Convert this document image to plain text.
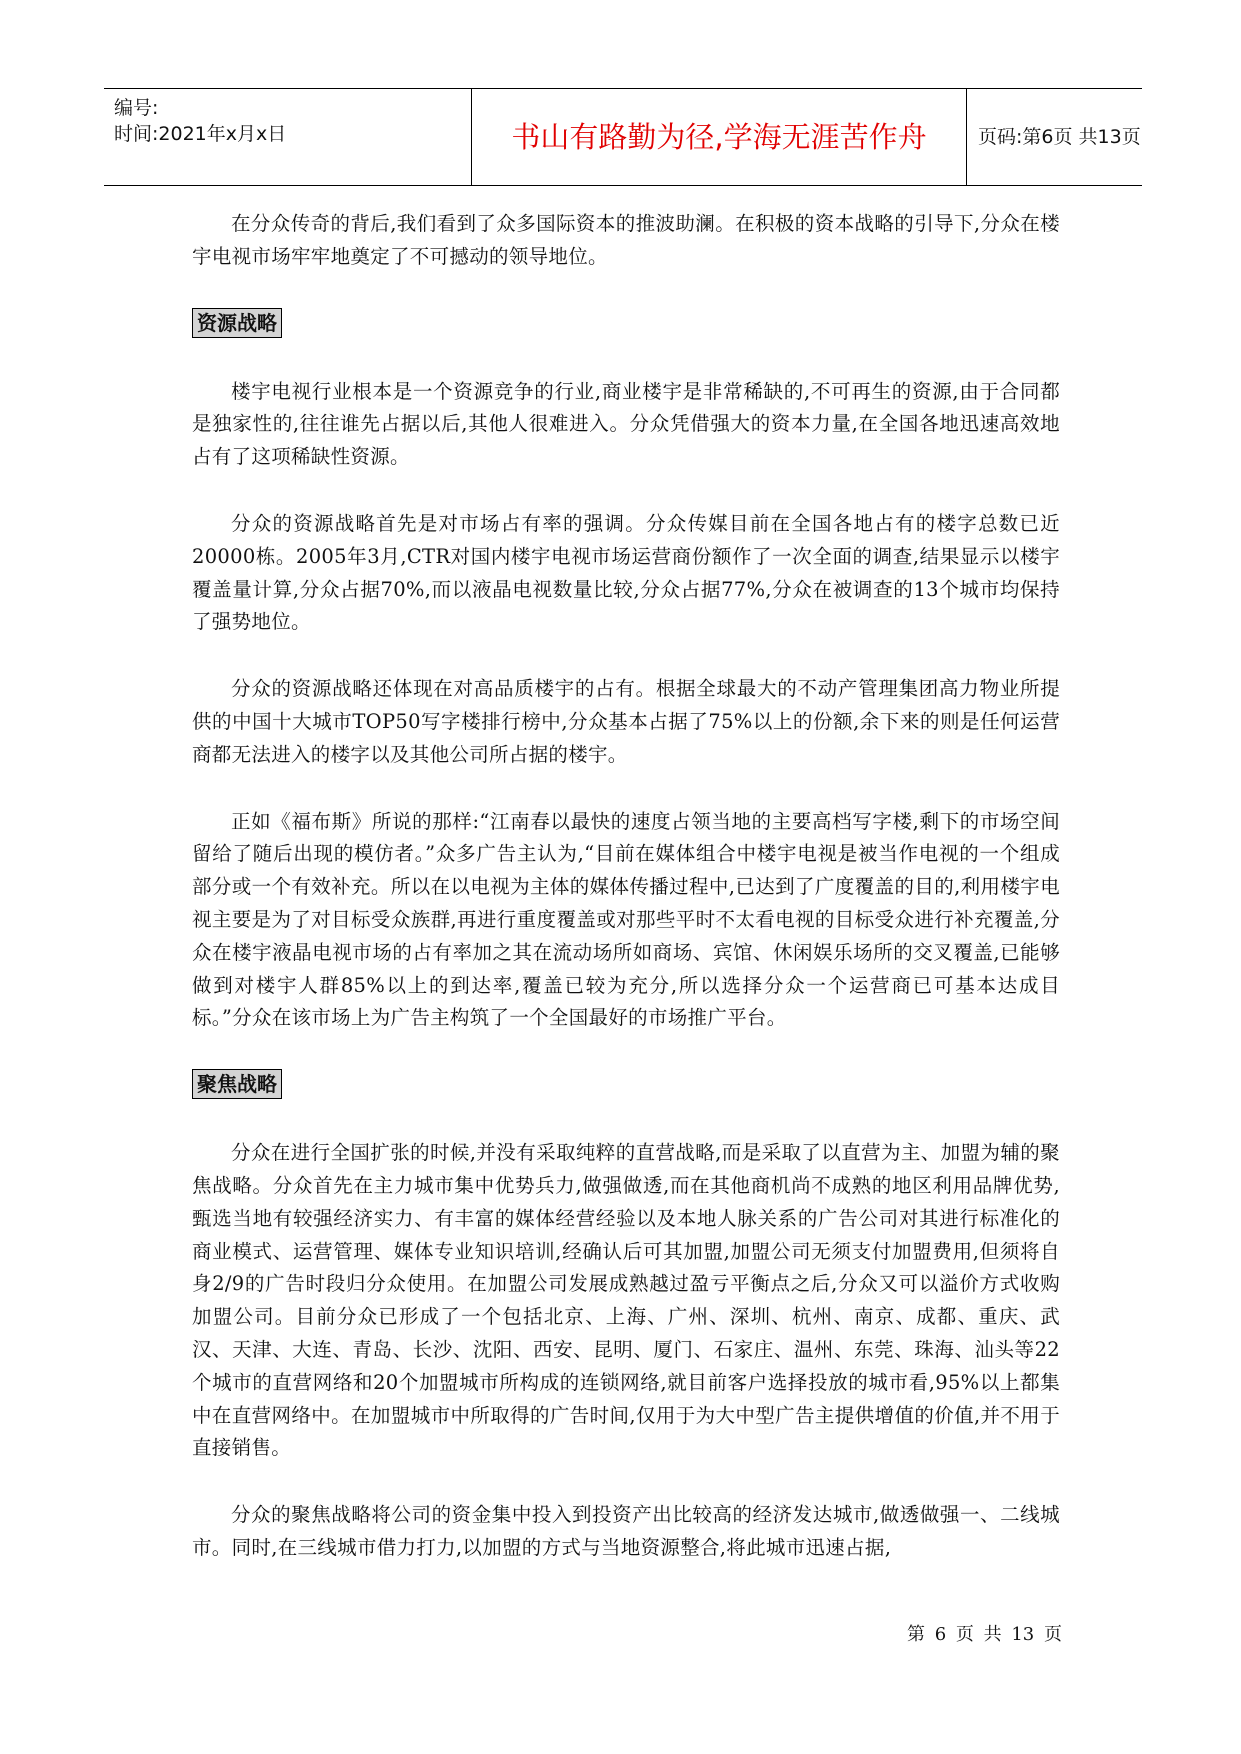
编号:
时间:2021年x月x日	书山有路勤为径,学海无涯苦作舟	页码:第6页 共13页

在分众传奇的背后,我们看到了众多国际资本的推波助澜。在积极的资本战略的引导下,分众在楼宇电视市场牢牢地奠定了不可撼动的领导地位。

资源战略

楼宇电视行业根本是一个资源竞争的行业,商业楼宇是非常稀缺的,不可再生的资源,由于合同都是独家性的,往往谁先占据以后,其他人很难进入。分众凭借强大的资本力量,在全国各地迅速高效地占有了这项稀缺性资源。

分众的资源战略首先是对市场占有率的强调。分众传媒目前在全国各地占有的楼字总数已近20000栋。2005年3月,CTR对国内楼宇电视市场运营商份额作了一次全面的调查,结果显示以楼宇覆盖量计算,分众占据70%,而以液晶电视数量比较,分众占据77%,分众在被调查的13个城市均保持了强势地位。

分众的资源战略还体现在对高品质楼宇的占有。根据全球最大的不动产管理集团高力物业所提供的中国十大城市TOP50写字楼排行榜中,分众基本占据了75%以上的份额,余下来的则是任何运营商都无法进入的楼字以及其他公司所占据的楼宇。

正如《福布斯》所说的那样:“江南春以最快的速度占领当地的主要高档写字楼,剩下的市场空间留给了随后出现的模仿者。”众多广告主认为,“目前在媒体组合中楼宇电视是被当作电视的一个组成部分或一个有效补充。所以在以电视为主体的媒体传播过程中,已达到了广度覆盖的目的,利用楼宇电视主要是为了对目标受众族群,再进行重度覆盖或对那些平时不太看电视的目标受众进行补充覆盖,分众在楼宇液晶电视市场的占有率加之其在流动场所如商场、宾馆、休闲娱乐场所的交叉覆盖,已能够做到对楼宇人群85%以上的到达率,覆盖已较为充分,所以选择分众一个运营商已可基本达成目标。”分众在该市场上为广告主构筑了一个全国最好的市场推广平台。

聚焦战略

分众在进行全国扩张的时候,并没有采取纯粹的直营战略,而是采取了以直营为主、加盟为辅的聚焦战略。分众首先在主力城市集中优势兵力,做强做透,而在其他商机尚不成熟的地区利用品牌优势,甄选当地有较强经济实力、有丰富的媒体经营经验以及本地人脉关系的广告公司对其进行标准化的商业模式、运营管理、媒体专业知识培训,经确认后可其加盟,加盟公司无须支付加盟费用,但须将自身2/9的广告时段归分众使用。在加盟公司发展成熟越过盈亏平衡点之后,分众又可以溢价方式收购加盟公司。目前分众已形成了一个包括北京、上海、广州、深圳、杭州、南京、成都、重庆、武汉、天津、大连、青岛、长沙、沈阳、西安、昆明、厦门、石家庄、温州、东莞、珠海、汕头等22个城市的直营网络和20个加盟城市所构成的连锁网络,就目前客户选择投放的城市看,95%以上都集中在直营网络中。在加盟城市中所取得的广告时间,仅用于为大中型广告主提供增值的价值,并不用于直接销售。

分众的聚焦战略将公司的资金集中投入到投资产出比较高的经济发达城市,做透做强一、二线城市。同时,在三线城市借力打力,以加盟的方式与当地资源整合,将此城市迅速占据,

第 6 页 共 13 页
